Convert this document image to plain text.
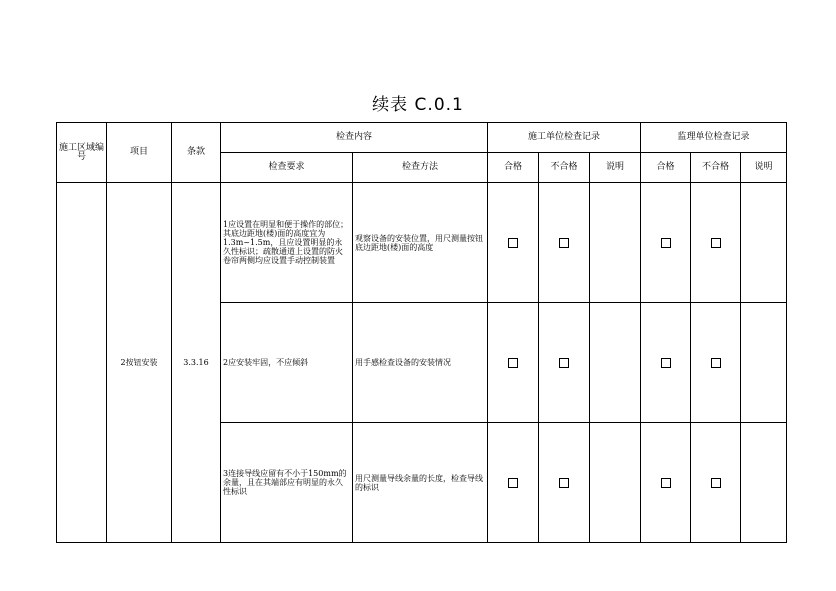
续表 C.0.1
施工区域编号	项目	条款	检查内容		施工单位检查记录			监理单位检查记录		
			检查要求	检查方法	合格	不合格	说明	合格	不合格	说明
	2按钮安装	3.3.16	1应设置在明显和便于操作的部位；其底边距地(楼)面的高度宜为1.3m~1.5m，且应设置明显的永久性标识；疏散通道上设置的防火卷帘两侧均应设置手动控制装置	观察设备的安装位置，用尺测量按钮底边距地(楼)面的高度						
			2应安装牢固，不应倾斜	用手感检查设备的安装情况						
			3连接导线应留有不小于150mm的余量，且在其端部应有明显的永久性标识	用尺测量导线余量的长度，检查导线的标识						
